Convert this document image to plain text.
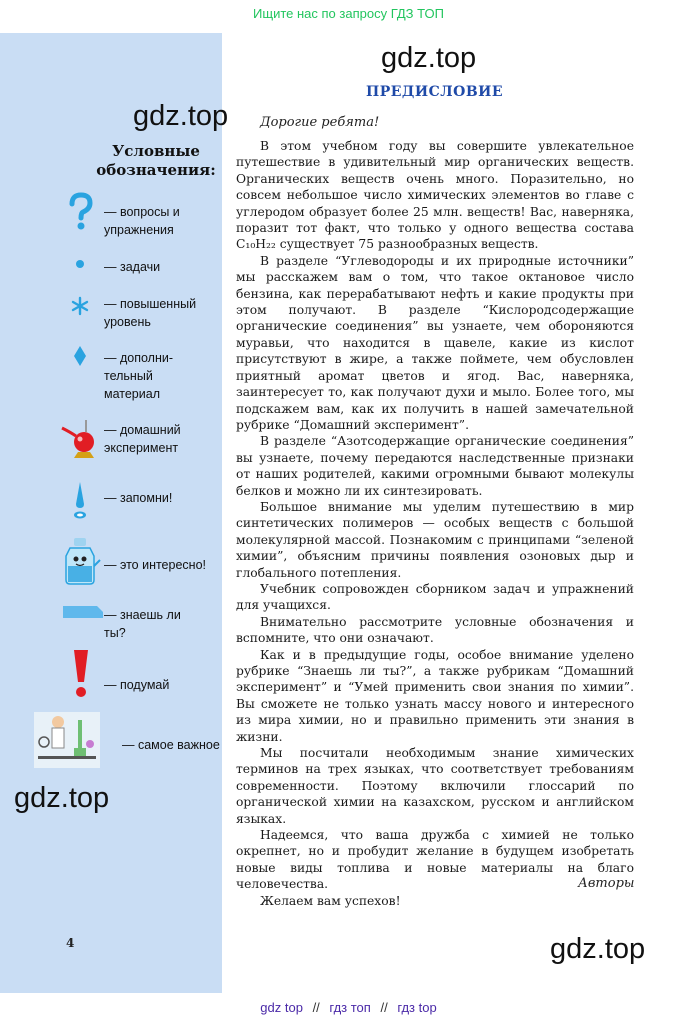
Ищите нас по запросу ГДЗ ТОП
gdz.top
gdz.top
gdz.top
gdz.top
Условные
обозначения:
— вопросы и
упражнения
— задачи
— повышенный
уровень
— дополни-
тельный
материал
— домашний
эксперимент
— запомни!
— это интересно!
— знаешь ли
ты?
— подумай
— самое важное
4
ПРЕДИСЛОВИЕ
Дорогие ребята!

В этом учебном году вы совершите увлекательное путешествие в удивительный мир органических веществ. Органических веществ очень много. Поразительно, но совсем небольшое число химических элементов во главе с углеродом образует более 25 млн. веществ! Вас, наверняка, поразит тот факт, что только у одного вещества состава C₁₀H₂₂ существует 75 разнообразных веществ.

В разделе “Углеводороды и их природные источники” мы расскажем вам о том, что такое октановое число бензина, как перерабатывают нефть и какие продукты при этом получают. В разделе “Кислородсодержащие органические соединения” вы узнаете, чем обороняются муравьи, что находится в щавеле, какие из кислот присутствуют в жире, а также поймете, чем обусловлен приятный аромат цветов и ягод. Вас, наверняка, заинтересует то, как получают духи и мыло. Более того, мы подскажем вам, как их получить в нашей замечательной рубрике “Домашний эксперимент”.

В разделе “Азотсодержащие органические соединения” вы узнаете, почему передаются наследственные признаки от наших родителей, какими огромными бывают молекулы белков и можно ли их синтезировать.

Большое внимание мы уделим путешествию в мир синтетических полимеров — особых веществ с большой молекулярной массой. Познакомим с принципами “зеленой химии”, объясним причины появления озоновых дыр и глобального потепления.

Учебник сопровожден сборником задач и упражнений для учащихся.

Внимательно рассмотрите условные обозначения и вспомните, что они означают.

Как и в предыдущие годы, особое внимание уделено рубрике “Знаешь ли ты?”, а также рубрикам “Домашний эксперимент” и “Умей применить свои знания по химии”. Вы сможете не только узнать массу нового и интересного из мира химии, но и правильно применить эти знания в жизни.

Мы посчитали необходимым знание химических терминов на трех языках, что соответствует требованиям современности. Поэтому включили глоссарий по органической химии на казахском, русском и английском языках.

Надеемся, что ваша дружба с химией не только окрепнет, но и пробудит желание в будущем изобретать новые виды топлива и новые материалы на благо человечества.

Желаем вам успехов!

Авторы
gdz top // гдз топ // гдз top
